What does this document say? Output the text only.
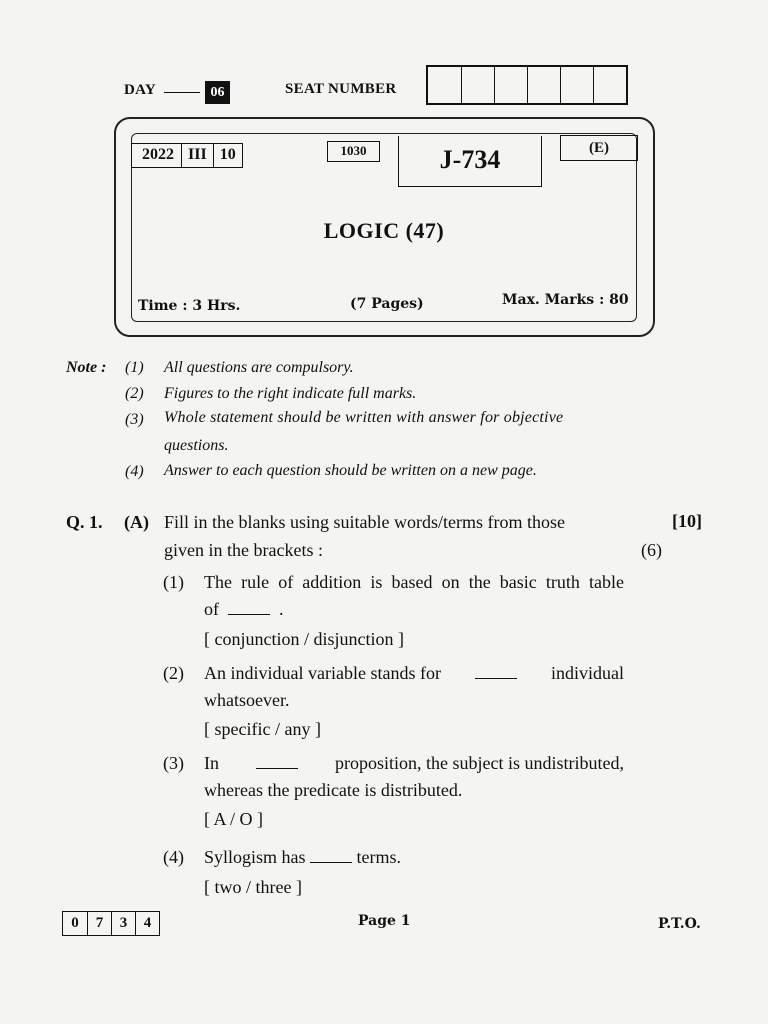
DAY	06	SEAT NUMBER
2022 III 10	1030	J-734	(E)
LOGIC (47)
Time : 3 Hrs.	(7 Pages)	Max. Marks : 80
Note : (1) All questions are compulsory.
(2) Figures to the right indicate full marks.
(3) Whole statement should be written with answer for objective
questions.
(4) Answer to each question should be written on a new page.
Q. 1. (A) Fill in the blanks using suitable words/terms from those
given in the brackets :
[10]
(6)
(1) The rule of addition is based on the basic truth table
of	.
[ conjunction / disjunction ]
(2) An individual variable stands for	individual
whatsoever.
[ specific / any ]
(3) In	proposition, the subject is undistributed,
whereas the predicate is distributed.
[ A / O ]
(4) Syllogism has	terms.
[ two / three ]
0	7	3	4	Page 1	P.T.O.
